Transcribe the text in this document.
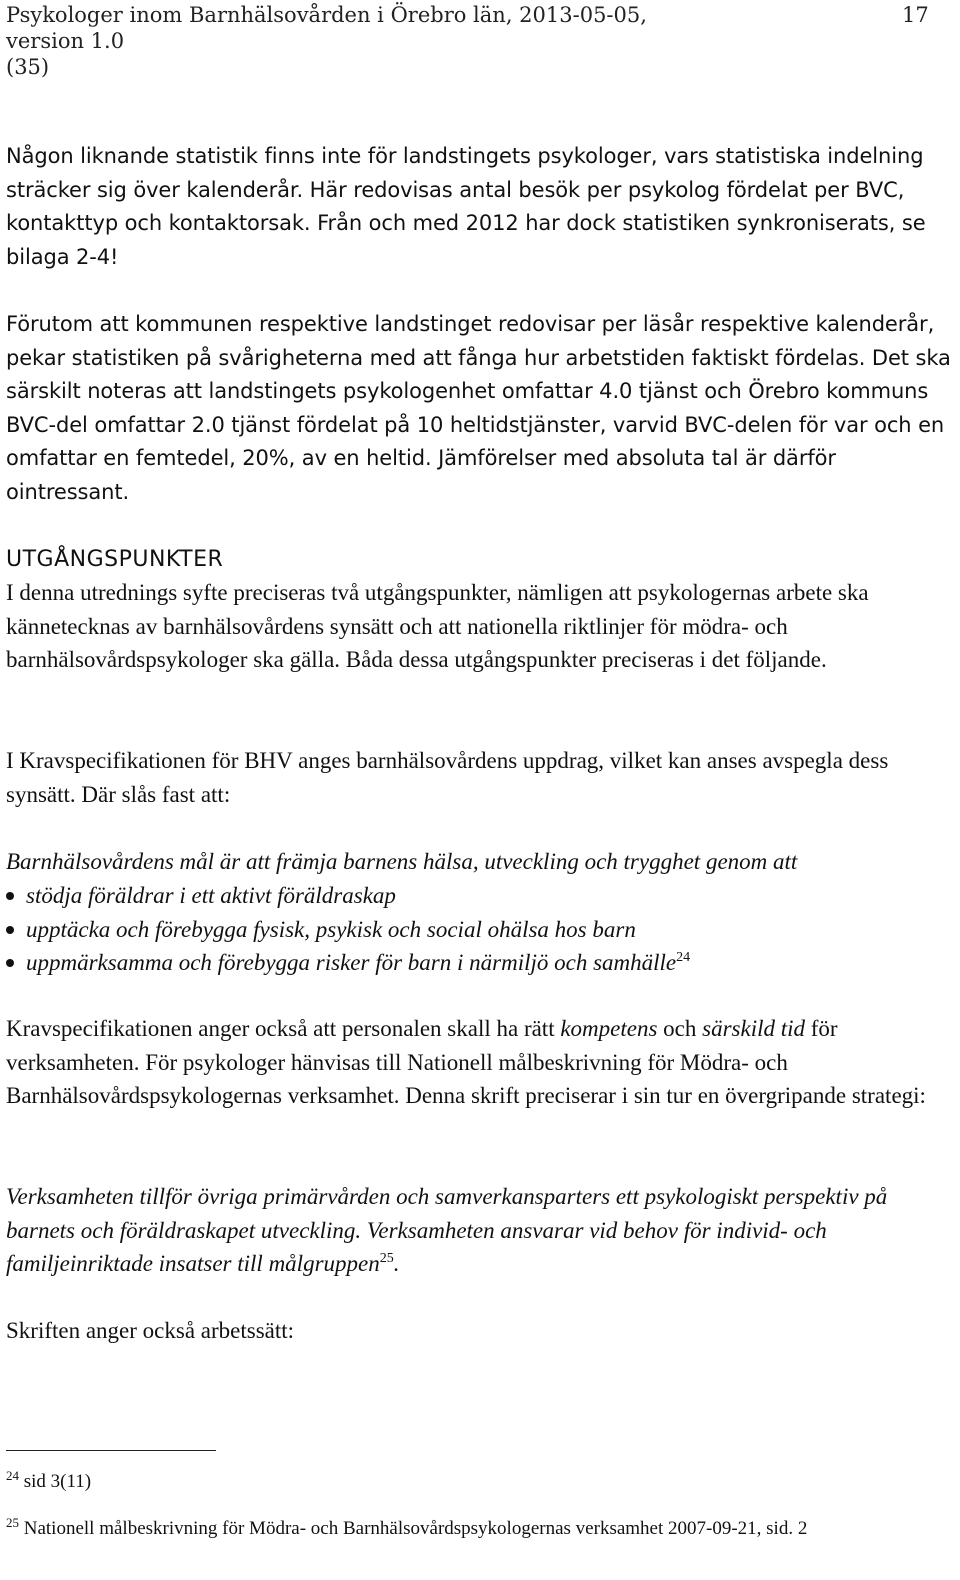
Psykologer inom Barnhälsovården i Örebro län, 2013-05-05, version 1.0
(35)
17
Någon liknande statistik finns inte för landstingets psykologer, vars statistiska indelning sträcker sig över kalenderår. Här redovisas antal besök per psykolog fördelat per BVC, kontakttyp och kontaktorsak. Från och med 2012 har dock statistiken synkroniserats, se bilaga 2-4!
Förutom att kommunen respektive landstinget redovisar per läsår respektive kalenderår, pekar statistiken på svårigheterna med att fånga hur arbetstiden faktiskt fördelas. Det ska särskilt noteras att landstingets psykologenhet omfattar 4.0 tjänst och Örebro kommuns BVC-del omfattar 2.0 tjänst fördelat på 10 heltidstjänster, varvid BVC-delen för var och en omfattar en femtedel, 20%, av en heltid. Jämförelser med absoluta tal är därför ointressant.
UTGÅNGSPUNKTER
I denna utrednings syfte preciseras två utgångspunkter, nämligen att psykologernas arbete ska kännetecknas av barnhälsovårdens synsätt och att nationella riktlinjer för mödra- och barnhälsovårdspsykologer ska gälla. Båda dessa utgångspunkter preciseras i det följande.
I Kravspecifikationen för BHV anges barnhälsovårdens uppdrag, vilket kan anses avspegla dess synsätt. Där slås fast att:
Barnhälsovårdens mål är att främja barnens hälsa, utveckling och trygghet genom att
stödja föräldrar i ett aktivt föräldraskap
upptäcka och förebygga fysisk, psykisk och social ohälsa hos barn
uppmärksamma och förebygga risker för barn i närmiljö och samhälle$^{24}$
Kravspecifikationen anger också att personalen skall ha rätt kompetens och särskild tid för verksamheten. För psykologer hänvisas till Nationell målbeskrivning för Mödra- och Barnhälsovårdspsykologernas verksamhet. Denna skrift preciserar i sin tur en övergripande strategi:
Verksamheten tillför övriga primärvården och samverkansparters ett psykologiskt perspektiv på barnets och föräldraskapet utveckling. Verksamheten ansvarar vid behov för individ- och familjeinriktade insatser till målgruppen$^{25}$.
Skriften anger också arbetssätt:
$^{24}$ sid 3(11)
$^{25}$ Nationell målbeskrivning för Mödra- och Barnhälsovårdspsykologernas verksamhet 2007-09-21, sid. 2
